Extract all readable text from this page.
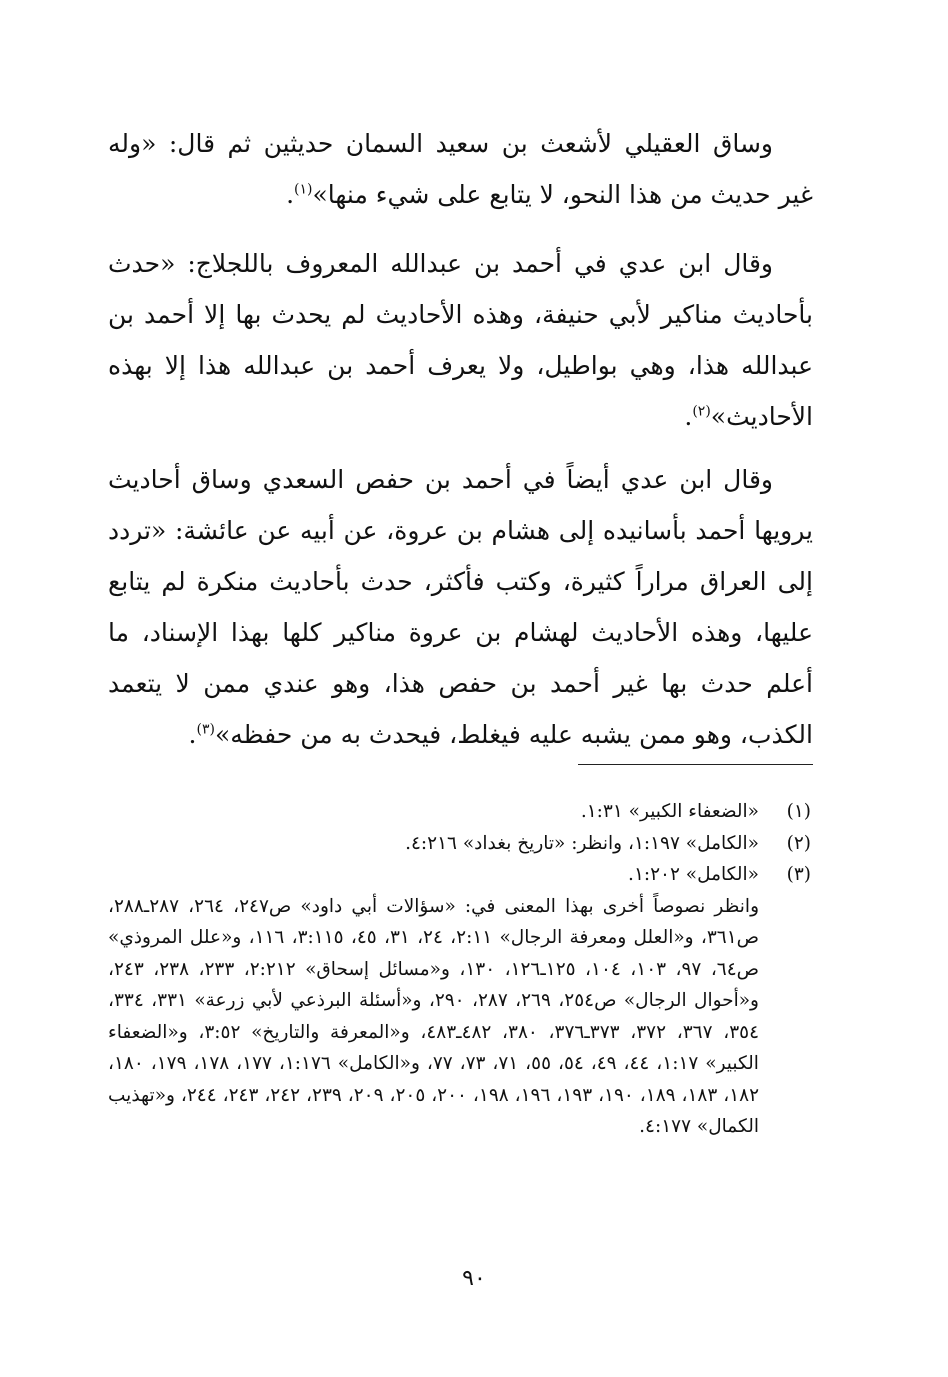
وساق العقيلي لأشعث بن سعيد السمان حديثين ثم قال: «وله غير حديث من هذا النحو، لا يتابع على شيء منها»$^{(١)}$.

وقال ابن عدي في أحمد بن عبدالله المعروف باللجلاج: «حدث بأحاديث مناكير لأبي حنيفة، وهذه الأحاديث لم يحدث بها إلا أحمد بن عبدالله هذا، وهي بواطيل، ولا يعرف أحمد بن عبدالله هذا إلا بهذه الأحاديث»$^{(٢)}$.

وقال ابن عدي أيضاً في أحمد بن حفص السعدي وساق أحاديث يرويها أحمد بأسانيده إلى هشام بن عروة، عن أبيه عن عائشة: «تردد إلى العراق مراراً كثيرة، وكتب فأكثر، حدث بأحاديث منكرة لم يتابع عليها، وهذه الأحاديث لهشام بن عروة مناكير كلها بهذا الإسناد، ما أعلم حدث بها غير أحمد بن حفص هذا، وهو عندي ممن لا يتعمد الكذب، وهو ممن يشبه عليه فيغلط، فيحدث به من حفظه»$^{(٣)}$.

(١)
«الضعفاء الكبير» ١:٣١.
(٢)
«الكامل» ١:١٩٧، وانظر: «تاريخ بغداد» ٤:٢١٦.
(٣)
«الكامل» ١:٢٠٢.
وانظر نصوصاً أخرى بهذا المعنى في: «سؤالات أبي داود» ص٢٤٧، ٢٦٤، ٢٨٧ـ٢٨٨، ص٣٦١، و«العلل ومعرفة الرجال» ٢:١١، ٢٤، ٣١، ٤٥، ٣:١١٥، ١١٦، و«علل المروذي» ص٦٤، ٩٧، ١٠٣، ١٠٤، ١٢٥ـ١٢٦، ١٣٠، و«مسائل إسحاق» ٢:٢١٢، ٢٣٣، ٢٣٨، ٢٤٣، و«أحوال الرجال» ص٢٥٤، ٢٦٩، ٢٨٧، ٢٩٠، و«أسئلة البرذعي لأبي زرعة» ٣٣١، ٣٣٤، ٣٥٤، ٣٦٧، ٣٧٢، ٣٧٣ـ٣٧٦، ٣٨٠، ٤٨٢ـ٤٨٣، و«المعرفة والتاريخ» ٣:٥٢، و«الضعفاء الكبير» ١:١٧، ٤٤، ٤٩، ٥٤، ٥٥، ٧١، ٧٣، ٧٧، و«الكامل» ١:١٧٦، ١٧٧، ١٧٨، ١٧٩، ١٨٠، ١٨٢، ١٨٣، ١٨٩، ١٩٠، ١٩٣، ١٩٦، ١٩٨، ٢٠٠، ٢٠٥، ٢٠٩، ٢٣٩، ٢٤٢، ٢٤٣، ٢٤٤، و«تهذيب الكمال» ٤:١٧٧.
٩٠
